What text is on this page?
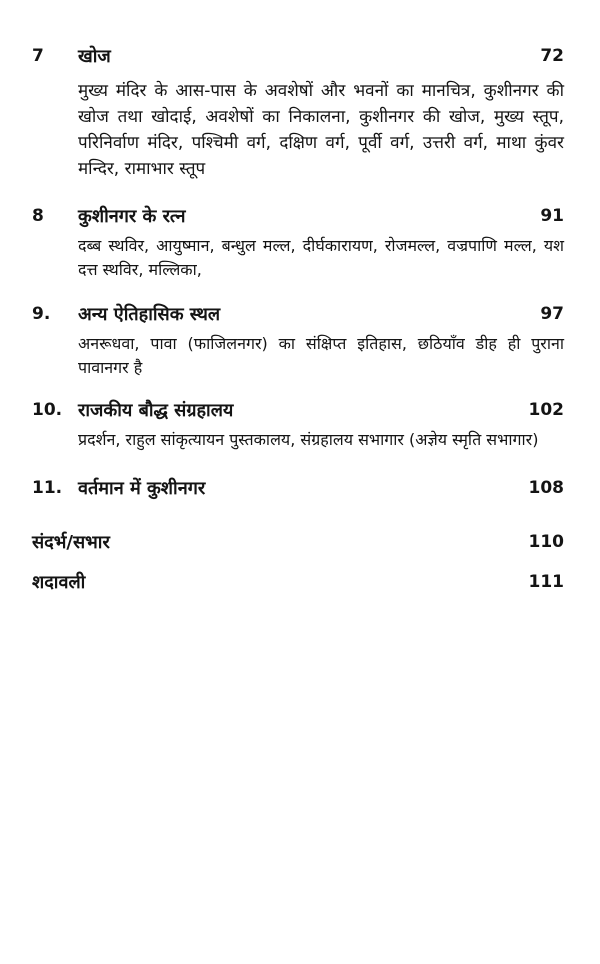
7 खोज	72
मुख्य मंदिर के आस-पास के अवशेषों और भवनों का मानचित्र, कुशीनगर की खोज तथा खोदाई, अवशेषों का निकालना, कुशीनगर की खोज, मुख्य स्तूप, परिनिर्वाण मंदिर, पश्चिमी वर्ग, दक्षिण वर्ग, पूर्वी वर्ग, उत्तरी वर्ग, माथा कुंवर मन्दिर, रामाभार स्तूप
8 कुशीनगर के रत्न	91
दब्ब स्थविर, आयुष्मान, बन्धुल मल्ल, दीर्घकारायण, रोजमल्ल, वज्रपाणि मल्ल, यश दत्त स्थविर, मल्लिका,
9. अन्य ऐतिहासिक स्थल	97
अनरूधवा, पावा (फाजिलनगर) का संक्षिप्त इतिहास, छठियाँव डीह ही पुराना पावानगर है
10. राजकीय बौद्ध संग्रहालय	102
प्रदर्शन, राहुल सांकृत्यायन पुस्तकालय, संग्रहालय सभागार (अज्ञेय स्मृति सभागार)
11. वर्तमान में कुशीनगर	108
संदर्भ/सभार	110
शदावली	111
